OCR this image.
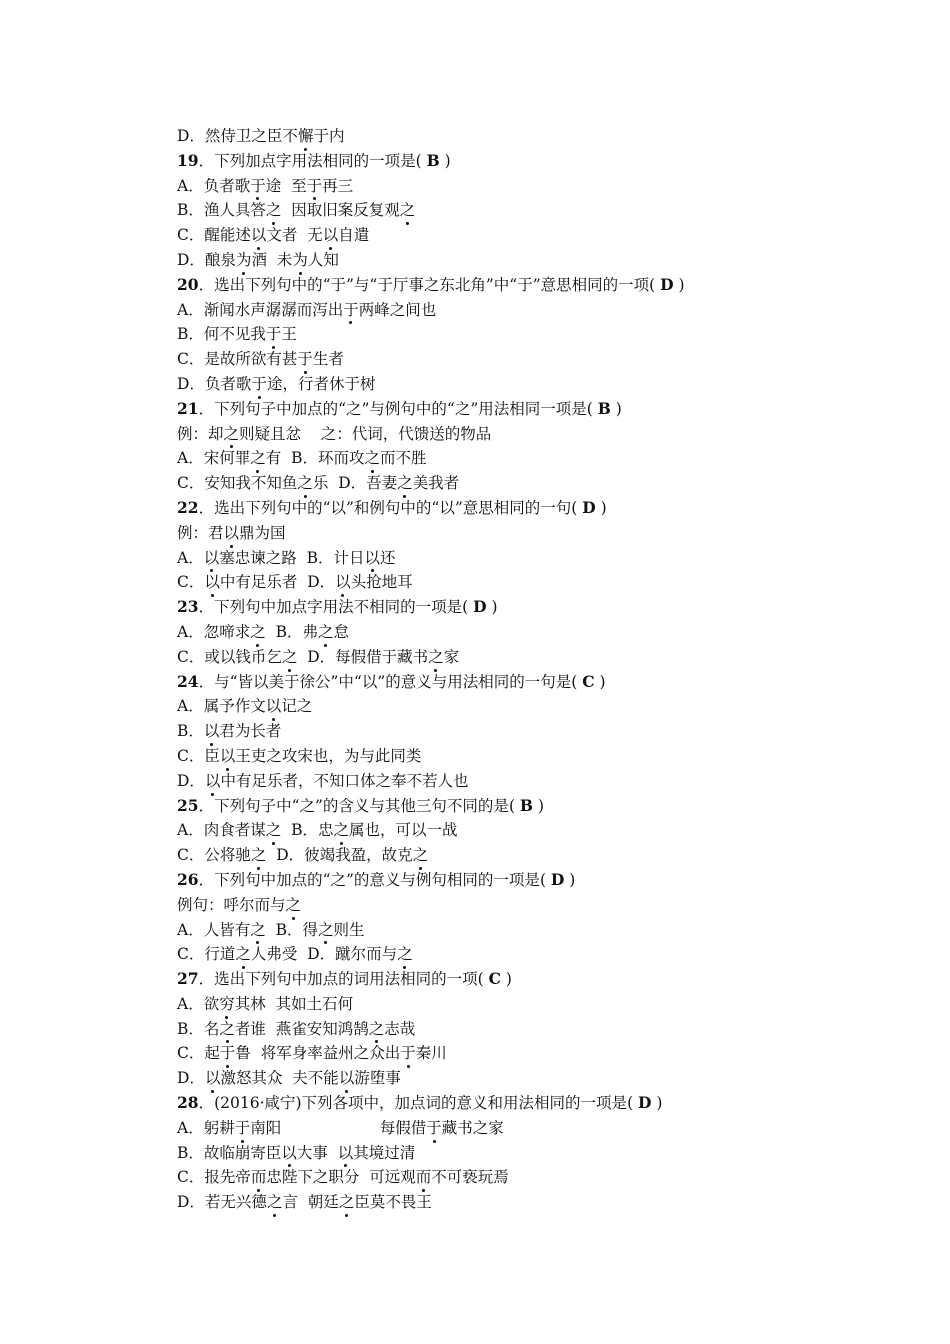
D．然侍卫之臣不懈于内
19．下列加点字用法相同的一项是( B )
A．负者歌于途  至于再三
B．渔人具答之  因取旧案反复观之
C．醒能述以文者  无以自遣
D．酿泉为酒  未为人知
20．选出下列句中的“于”与“于厅事之东北角”中“于”意思相同的一项( D )
A．渐闻水声潺潺而泻出于两峰之间也
B．何不见我于王
C．是故所欲有甚于生者
D．负者歌于途，行者休于树
21．下列句子中加点的“之”与例句中的“之”用法相同一项是( B )
例：却之则疑且忿    之：代词，代馈送的物品
A．宋何罪之有  B．环而攻之而不胜
C．安知我不知鱼之乐  D．吾妻之美我者
22．选出下列句中的“以”和例句中的“以”意思相同的一句( D )
例：君以鼎为国
A．以塞忠谏之路  B．计日以还
C．以中有足乐者  D．以头抢地耳
23．下列句中加点字用法不相同的一项是( D )
A．忽啼求之  B．弗之怠
C．或以钱币乞之  D．每假借于藏书之家
24．与“皆以美于徐公”中“以”的意义与用法相同的一句是( C )
A．属予作文以记之
B．以君为长者
C．臣以王吏之攻宋也，为与此同类
D．以中有足乐者，不知口体之奉不若人也
25．下列句子中“之”的含义与其他三句不同的是( B )
A．肉食者谋之  B．忠之属也，可以一战
C．公将驰之  D．彼竭我盈，故克之
26．下列句中加点的“之”的意义与例句相同的一项是( D )
例句：呼尔而与之
A．人皆有之  B．得之则生
C．行道之人弗受  D．蹴尔而与之
27．选出下列句中加点的词用法相同的一项( C )
A．欲穷其林  其如土石何
B．名之者谁  燕雀安知鸿鹄之志哉
C．起于鲁  将军身率益州之众出于秦川
D．以激怒其众  夫不能以游堕事
28．(2016·咸宁)下列各项中，加点词的意义和用法相同的一项是( D )
A．躬耕于南阳                    每假借于藏书之家
B．故临崩寄臣以大事  以其境过清
C．报先帝而忠陛下之职分  可远观而不可亵玩焉
D．若无兴德之言  朝廷之臣莫不畏王
